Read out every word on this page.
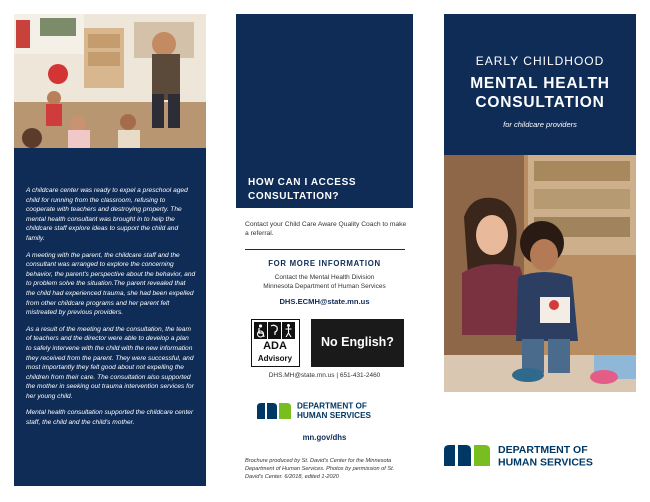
A childcare center was ready to expel a preschool aged child for running from the classroom, refusing to cooperate with teachers and destroying property. The mental health consultant was brought in to help the childcare staff explore ideas to support the child and family.

A meeting with the parent, the childcare staff and the consultant was arranged to explore the concerning behavior, the parent's perspective about the behavior, and to problem solve the situation.The parent revealed that the child had experienced trauma, she had been expelled from other childcare programs and her parent felt mistreated by previous providers.

As a result of the meeting and the consultation, the team of teachers and the director were able to develop a plan to safely intervene with the child with the new information they received from the parent. They were successful, and most importantly they felt good about not expelling the children from their care. The consultation also supported the mother in seeking out trauma intervention services for her young child.

Mental health consultation supported the childcare center staff, the child and the child's mother.

HOW CAN I ACCESS CONSULTATION?
Contact your Child Care Aware Quality Coach to make a referral.
FOR MORE INFORMATION
Contact the Mental Health Division
Minnesota Department of Human Services
DHS.ECMH@state.mn.us
ADA
Advisory
No English?
DHS.MH@state.mn.us | 651-431-2460
DEPARTMENT OF
HUMAN SERVICES
mn.gov/dhs
Brochure produced by St. David's Center for the Minnesota Department of Human Services. Photos by permission of St. David's Center. 6/2018, edited 1-2020
EARLY CHILDHOOD
MENTAL HEALTH
CONSULTATION
for childcare providers
DEPARTMENT OF
HUMAN SERVICES
